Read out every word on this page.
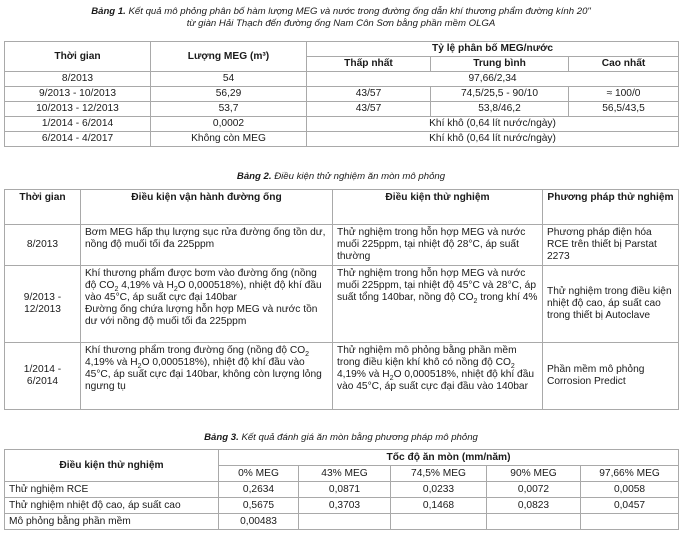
Bảng 1. Kết quả mô phỏng phân bố hàm lượng MEG và nước trong đường ống dẫn khí thương phẩm đường kính 20"
từ giàn Hải Thạch đến đường ống Nam Côn Sơn bằng phần mềm OLGA
Thời gian	Lượng MEG (m³)	Tỷ lệ phân bố MEG/nước		
		Thấp nhất	Trung bình	Cao nhất
8/2013	54	97,66/2,34		
9/2013 - 10/2013	56,29	43/57	74,5/25,5 - 90/10	≈ 100/0
10/2013 - 12/2013	53,7	43/57	53,8/46,2	56,5/43,5
1/2014 - 6/2014	0,0002	Khí khô (0,64 lít nước/ngày)		
6/2014 - 4/2017	Không còn MEG	Khí khô (0,64 lít nước/ngày)		
Bảng 2. Điều kiện thử nghiệm ăn mòn mô phỏng
Thời gian	Điều kiện vận hành đường ống	Điều kiện thử nghiệm	Phương pháp thử nghiệm
8/2013	Bơm MEG hấp thụ lượng sục rửa đường ống tồn dư, nồng độ muối tối đa 225ppm	Thử nghiệm trong hỗn hợp MEG và nước muối 225ppm, tại nhiệt độ 28°C, áp suất thường	Phương pháp điện hóa RCE trên thiết bị Parstat 2273
9/2013 - 12/2013	Khí thương phẩm được bơm vào đường ống (nồng độ $CO_2$ 4,19% và $H_2O$ 0,000518%), nhiệt độ khí đầu vào 45°C, áp suất cực đại 140bar
Đường ống chứa lượng hỗn hợp MEG và nước tồn dư với nồng độ muối tối đa 225ppm	Thử nghiệm trong hỗn hợp MEG và nước muối 225ppm, tại nhiệt độ 45°C và 28°C, áp suất tổng 140bar, nồng độ $CO_2$ trong khí 4%	Thử nghiệm trong điều kiện nhiệt độ cao, áp suất cao trong thiết bị Autoclave
1/2014 - 6/2014	Khí thương phẩm trong đường ống (nồng độ $CO_2$ 4,19% và $H_2O$ 0,000518%), nhiệt độ khí đầu vào 45°C, áp suất cực đại 140bar, không còn lượng lỏng ngưng tụ	Thử nghiệm mô phỏng bằng phần mềm trong điều kiện khí khô có nồng độ $CO_2$ 4,19% và $H_2O$ 0,000518%, nhiệt độ khí đầu vào 45°C, áp suất cực đại đầu vào 140bar	Phần mềm mô phỏng Corrosion Predict
Bảng 3. Kết quả đánh giá ăn mòn bằng phương pháp mô phỏng
Điều kiện thử nghiệm	Tốc độ ăn mòn (mm/năm)				
	0% MEG	43% MEG	74,5% MEG	90% MEG	97,66% MEG
Thử nghiệm RCE	0,2634	0,0871	0,0233	0,0072	0,0058
Thử nghiệm nhiệt độ cao, áp suất cao	0,5675	0,3703	0,1468	0,0823	0,0457
Mô phỏng bằng phần mềm	0,00483				
